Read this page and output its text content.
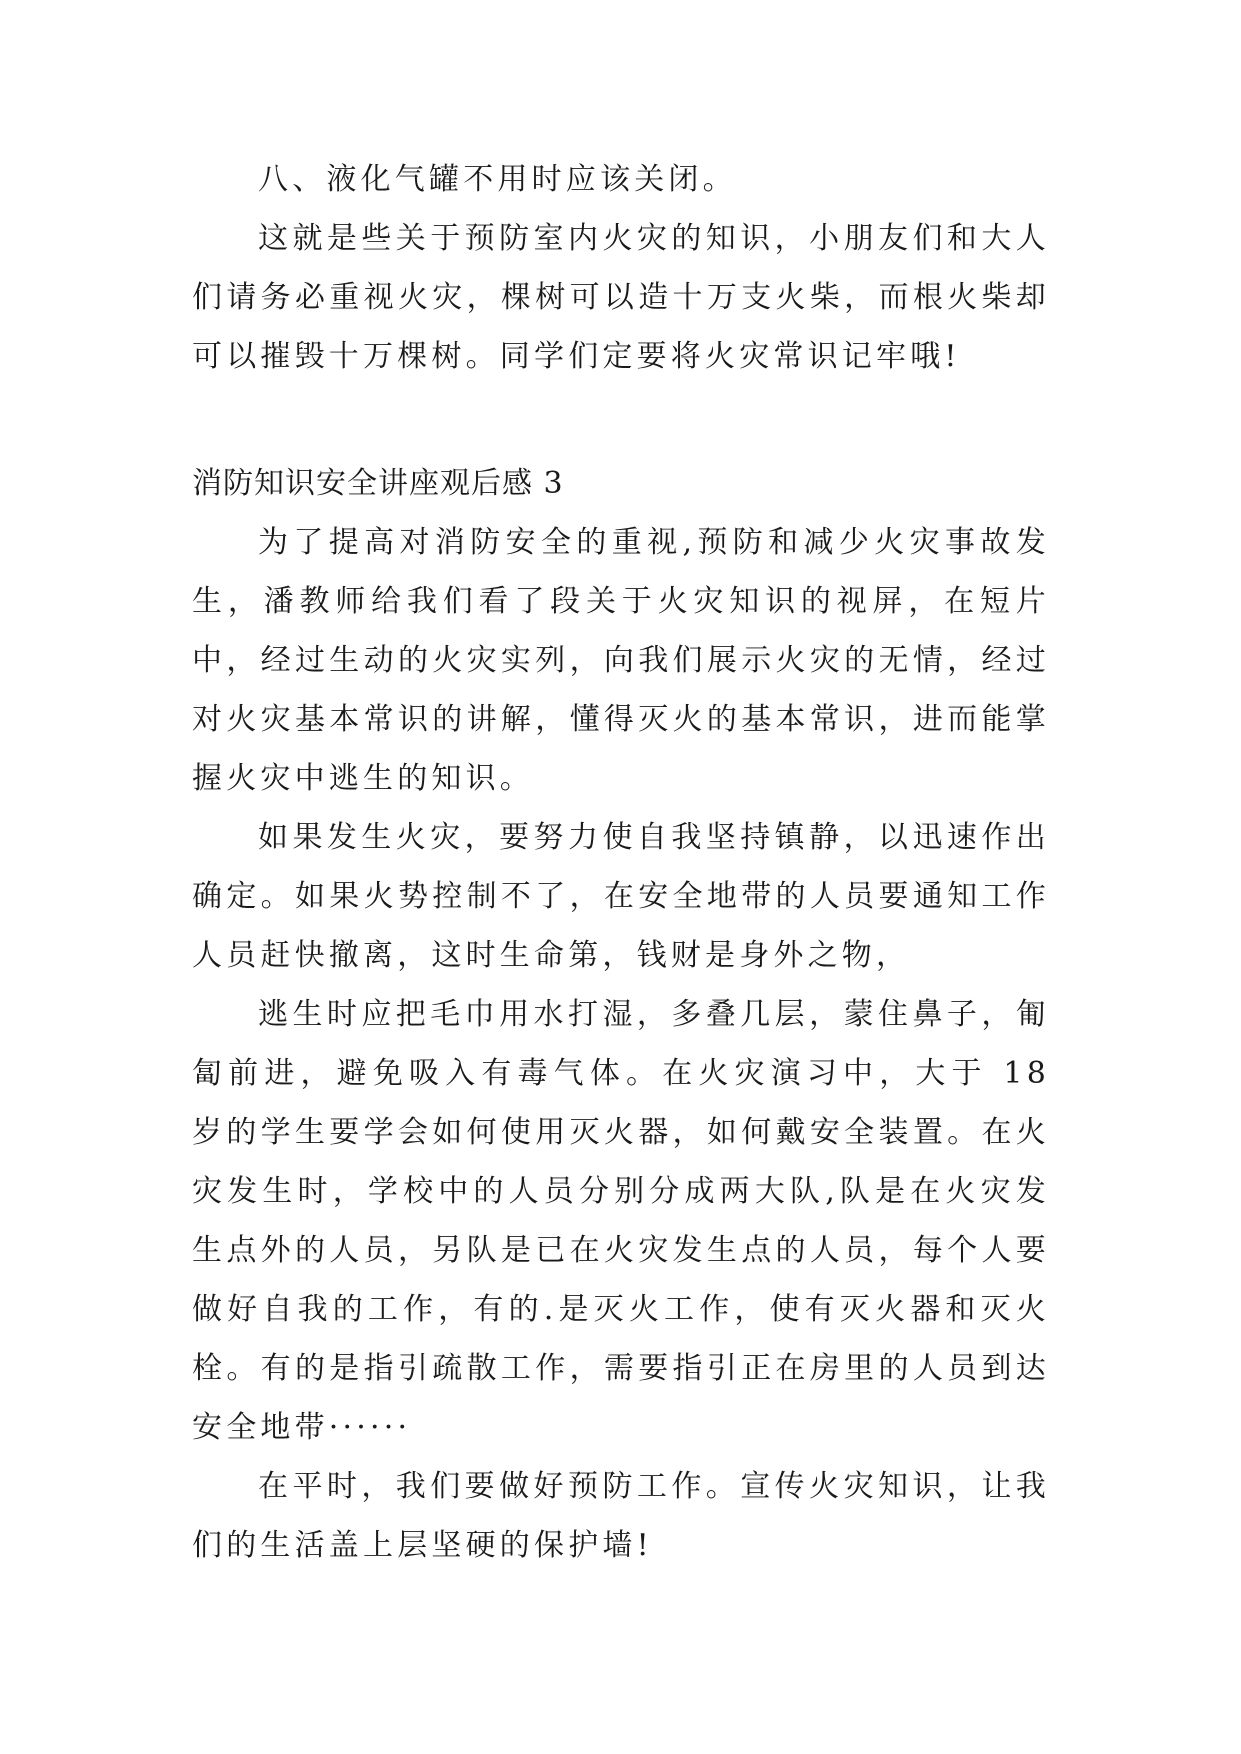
八、液化气罐不用时应该关闭。

这就是些关于预防室内火灾的知识，小朋友们和大人们请务必重视火灾，棵树可以造十万支火柴，而根火柴却可以摧毁十万棵树。同学们定要将火灾常识记牢哦!

消防知识安全讲座观后感 3

为了提高对消防安全的重视,预防和减少火灾事故发生，潘教师给我们看了段关于火灾知识的视屏，在短片中，经过生动的火灾实列，向我们展示火灾的无情，经过对火灾基本常识的讲解，懂得灭火的基本常识，进而能掌握火灾中逃生的知识。

如果发生火灾，要努力使自我坚持镇静，以迅速作出确定。如果火势控制不了，在安全地带的人员要通知工作人员赶快撤离，这时生命第，钱财是身外之物，

逃生时应把毛巾用水打湿，多叠几层，蒙住鼻子，匍匐前进，避免吸入有毒气体。在火灾演习中，大于 18 岁的学生要学会如何使用灭火器，如何戴安全装置。在火灾发生时，学校中的人员分别分成两大队,队是在火灾发生点外的人员，另队是已在火灾发生点的人员，每个人要做好自我的工作，有的.是灭火工作，使有灭火器和灭火栓。有的是指引疏散工作，需要指引正在房里的人员到达安全地带······

在平时，我们要做好预防工作。宣传火灾知识，让我们的生活盖上层坚硬的保护墙!
